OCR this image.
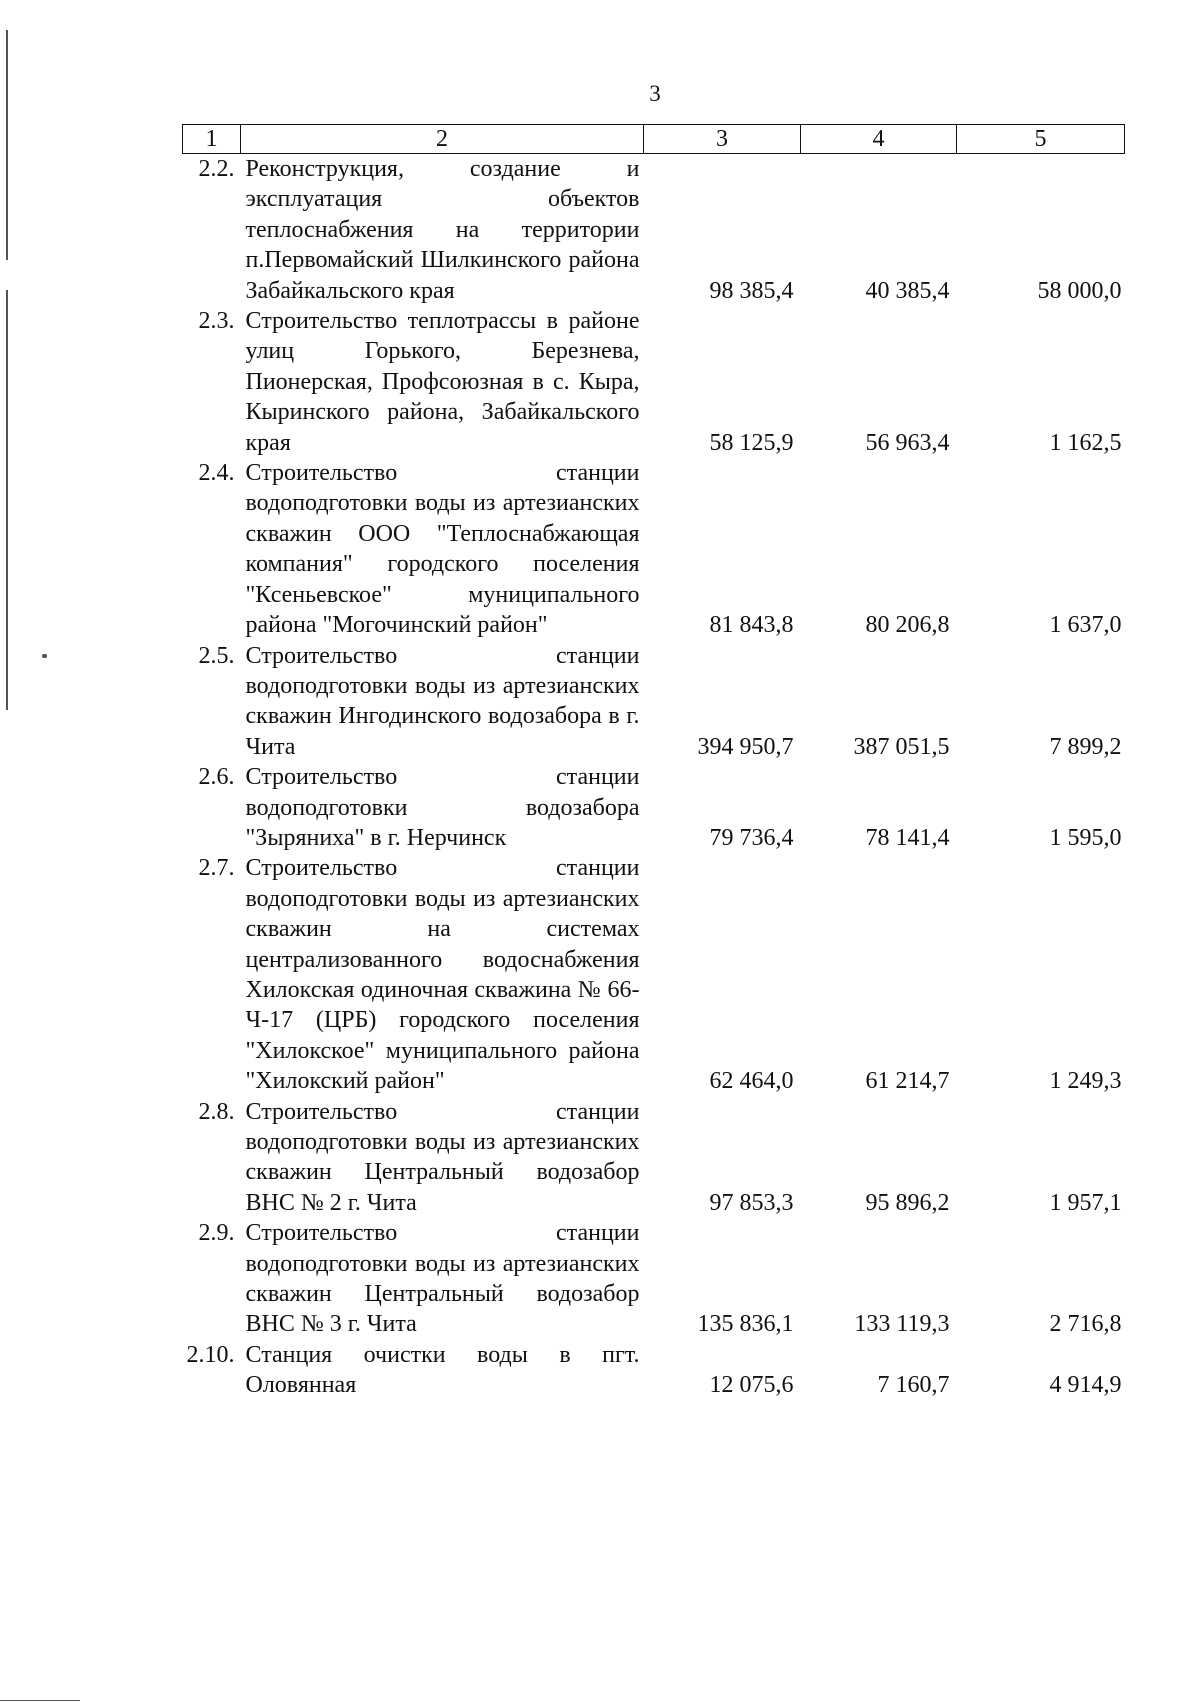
3
1	2	3	4	5
2.2.	Реконструкция, создание и эксплуатация объектов теплоснабжения на территории п.Первомайский Шилкинского района Забайкальского края	98 385,4	40 385,4	58 000,0
2.3.	Строительство теплотрассы в районе улиц Горького, Березнева, Пионерская, Профсоюзная в с. Кыра, Кыринского района, Забайкальского края	58 125,9	56 963,4	1 162,5
2.4.	Строительство станции водоподготовки воды из артезианских скважин ООО "Теплоснабжающая компания" городского поселения "Ксеньевское" муниципального района "Могочинский район"	81 843,8	80 206,8	1 637,0
2.5.	Строительство станции водоподготовки воды из артезианских скважин Ингодинского водозабора в г. Чита	394 950,7	387 051,5	7 899,2
2.6.	Строительство станции водоподготовки водозабора "Зыряниха" в г. Нерчинск	79 736,4	78 141,4	1 595,0
2.7.	Строительство станции водоподготовки воды из артезианских скважин на системах централизованного водоснабжения Хилокская одиночная скважина № 66-Ч-17 (ЦРБ) городского поселения "Хилокское" муниципального района "Хилокский район"	62 464,0	61 214,7	1 249,3
2.8.	Строительство станции водоподготовки воды из артезианских скважин Центральный водозабор ВНС № 2 г. Чита	97 853,3	95 896,2	1 957,1
2.9.	Строительство станции водоподготовки воды из артезианских скважин Центральный водозабор ВНС № 3 г. Чита	135 836,1	133 119,3	2 716,8
2.10.	Станция очистки воды в пгт. Оловянная	12 075,6	7 160,7	4 914,9
